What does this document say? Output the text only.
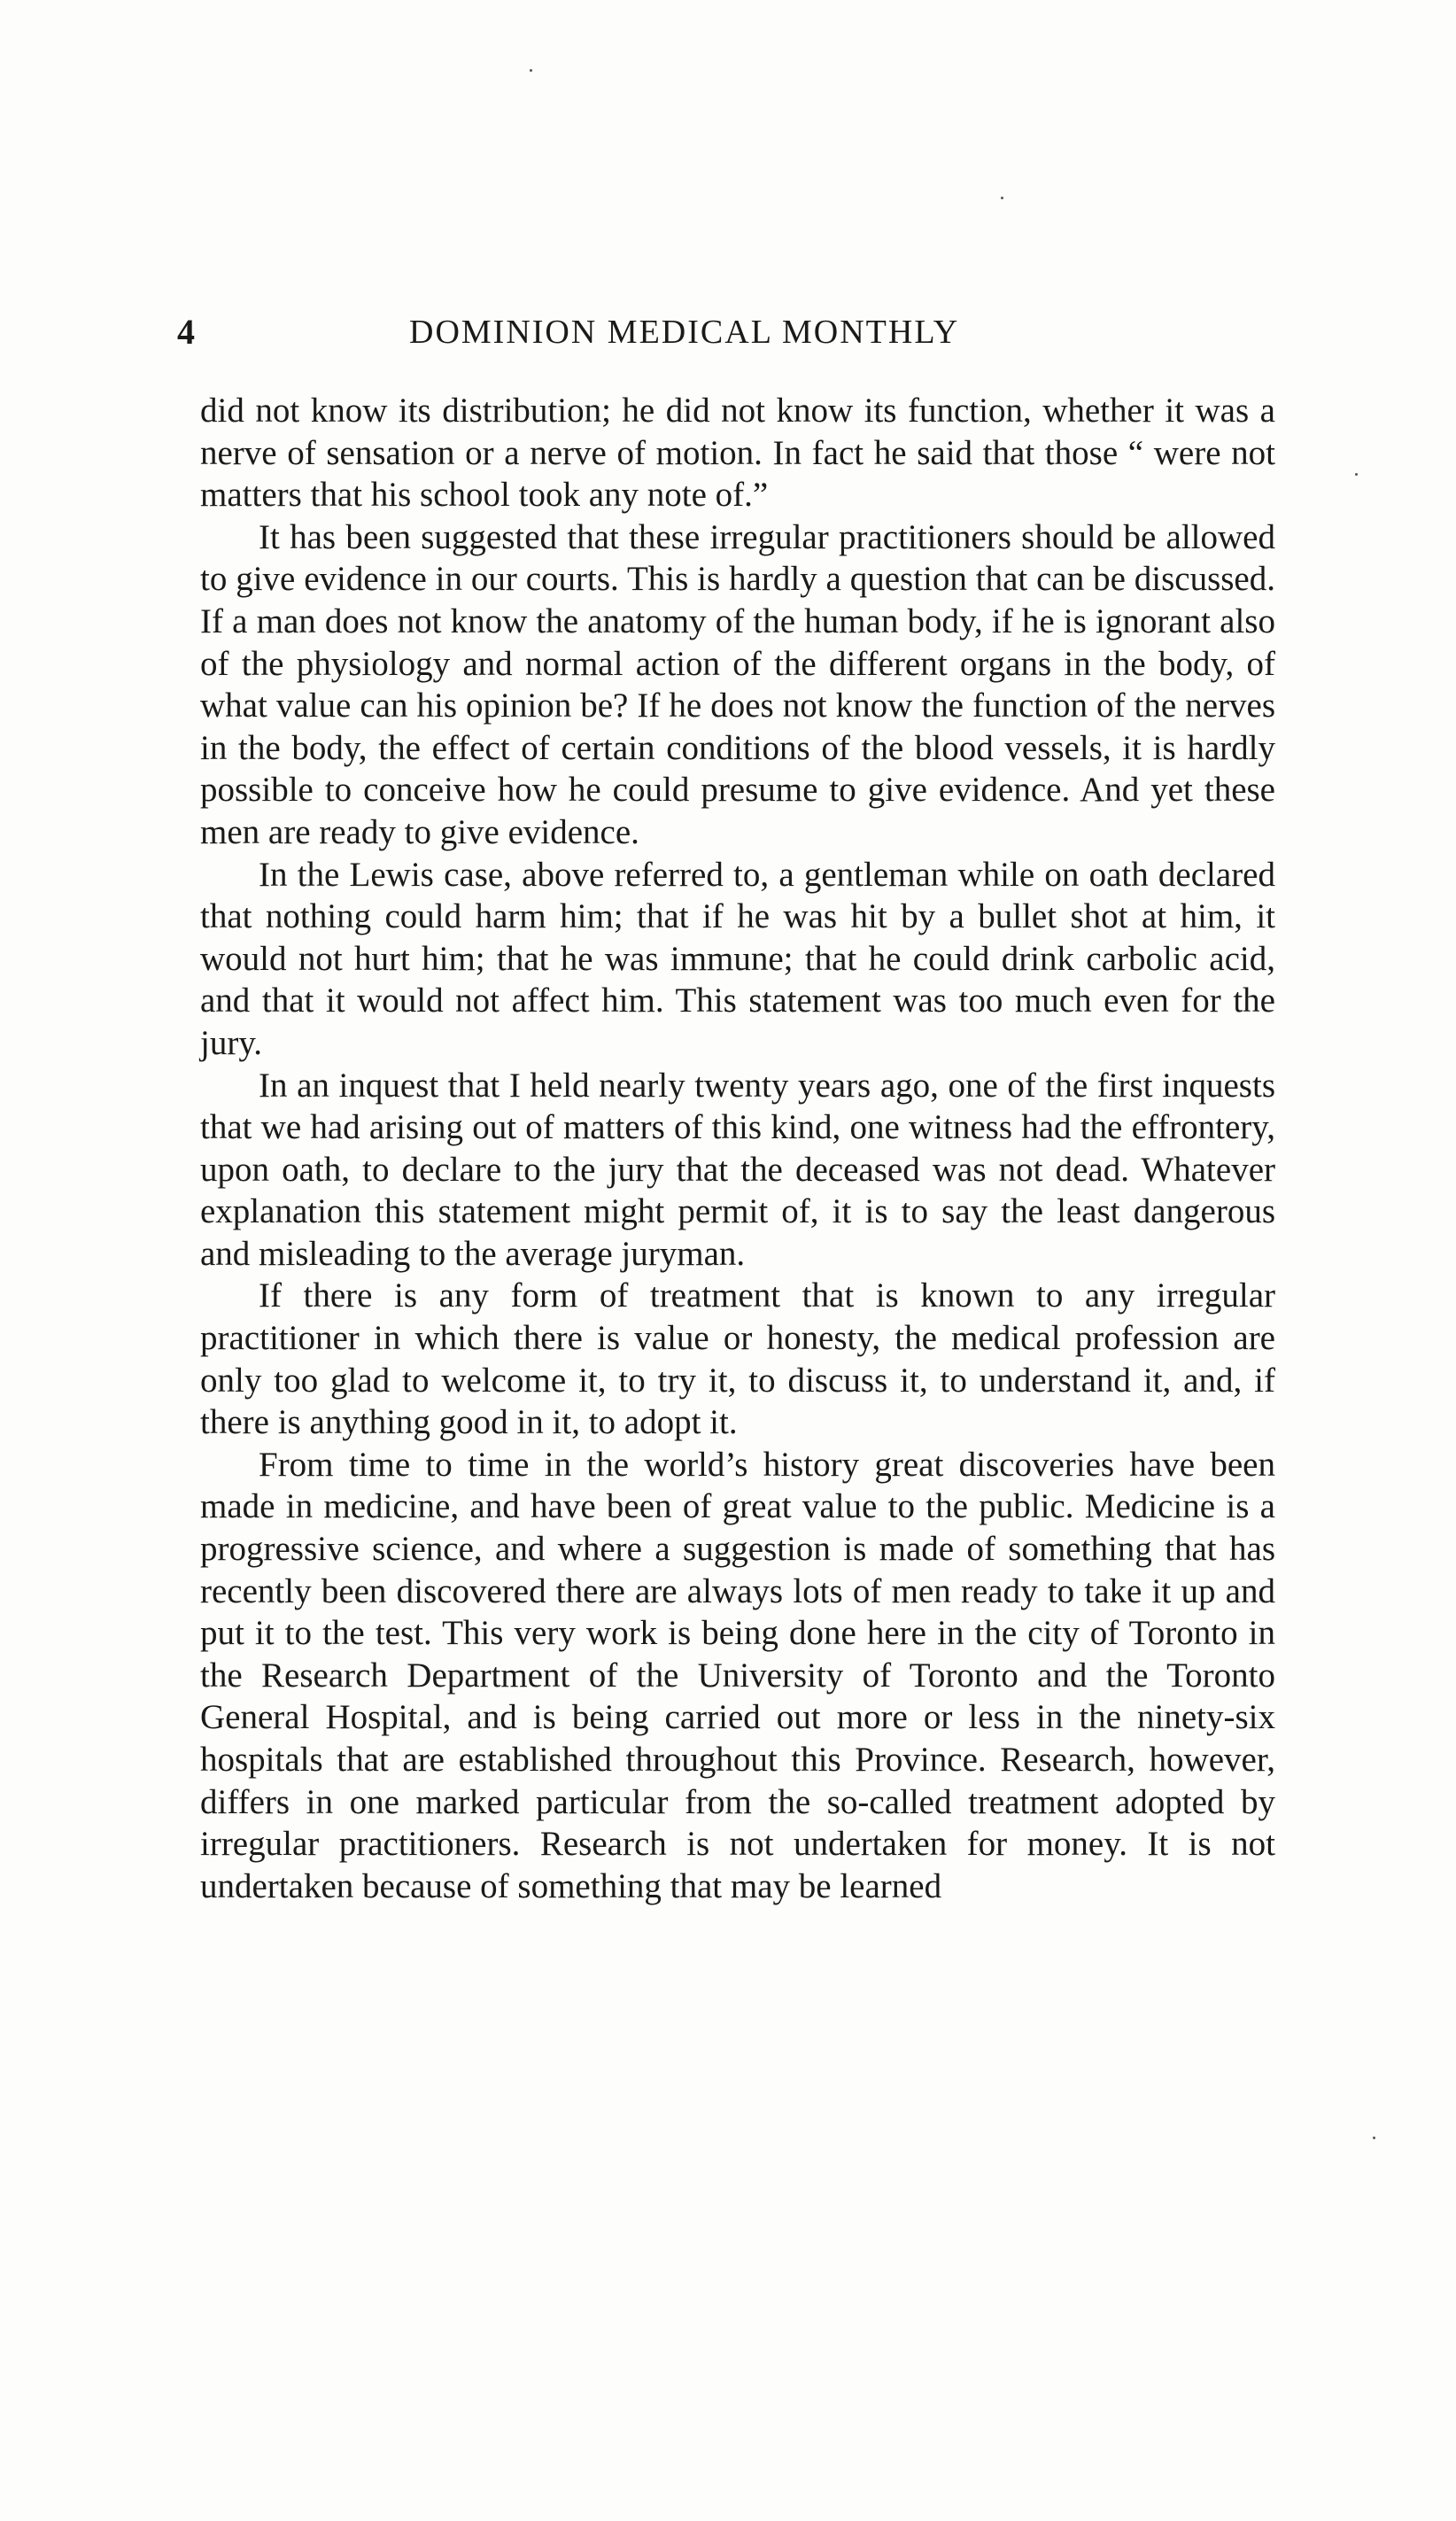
4	DOMINION MEDICAL MONTHLY

did not know its distribution; he did not know its function, whether it was a nerve of sensation or a nerve of motion. In fact he said that those “ were not matters that his school took any note of.”

It has been suggested that these irregular practitioners should be allowed to give evidence in our courts. This is hardly a question that can be discussed. If a man does not know the anatomy of the human body, if he is ignorant also of the physiology and normal action of the different organs in the body, of what value can his opinion be? If he does not know the function of the nerves in the body, the effect of certain conditions of the blood vessels, it is hardly possible to conceive how he could presume to give evidence. And yet these men are ready to give evidence.

In the Lewis case, above referred to, a gentleman while on oath declared that nothing could harm him; that if he was hit by a bullet shot at him, it would not hurt him; that he was immune; that he could drink carbolic acid, and that it would not affect him. This statement was too much even for the jury.

In an inquest that I held nearly twenty years ago, one of the first inquests that we had arising out of matters of this kind, one witness had the effrontery, upon oath, to declare to the jury that the deceased was not dead. Whatever explanation this statement might permit of, it is to say the least dangerous and misleading to the average juryman.

If there is any form of treatment that is known to any irregular practitioner in which there is value or honesty, the medical profession are only too glad to welcome it, to try it, to discuss it, to understand it, and, if there is anything good in it, to adopt it.

From time to time in the world’s history great discoveries have been made in medicine, and have been of great value to the public. Medicine is a progressive science, and where a suggestion is made of something that has recently been discovered there are always lots of men ready to take it up and put it to the test. This very work is being done here in the city of Toronto in the Research Department of the University of Toronto and the Toronto General Hospital, and is being carried out more or less in the ninety-six hospitals that are established throughout this Province. Research, however, differs in one marked particular from the so-called treatment adopted by irregular practitioners. Research is not undertaken for money. It is not undertaken because of something that may be learned
